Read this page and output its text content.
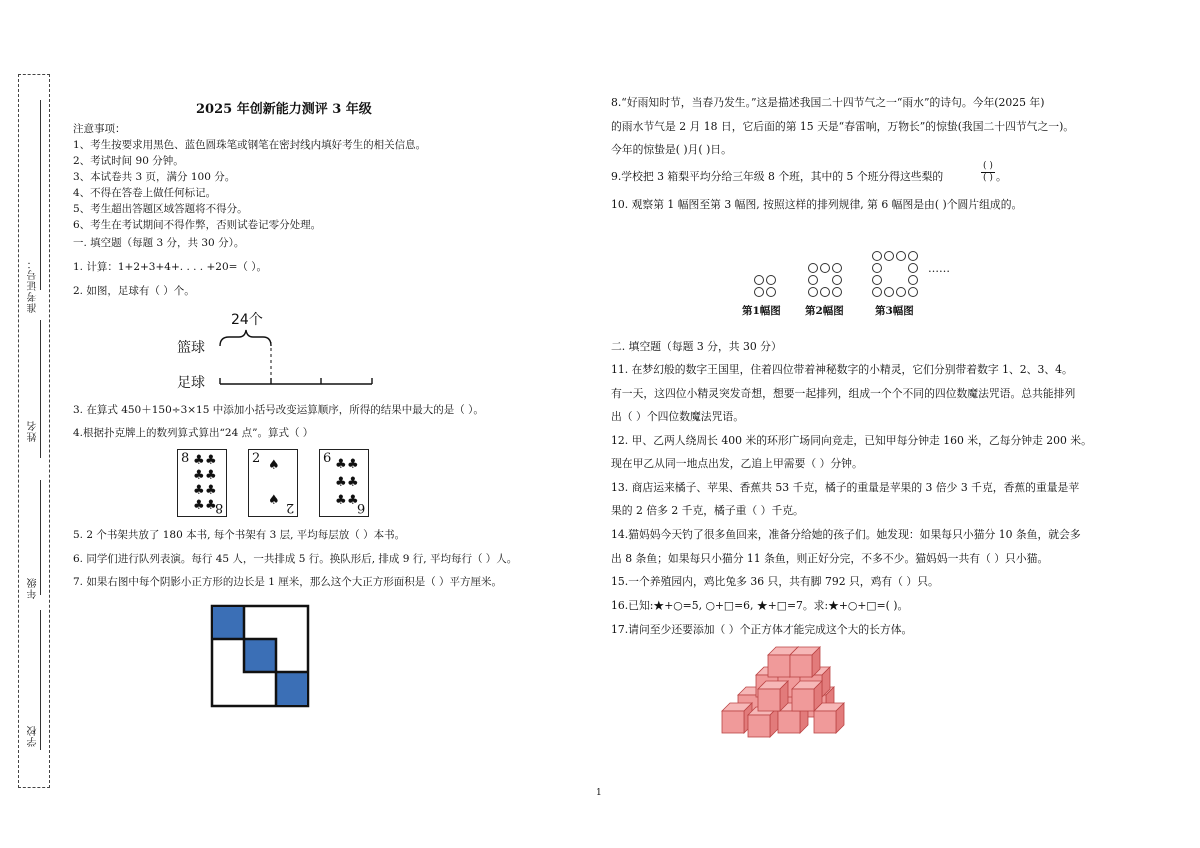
准考证号：
姓名
年级
学校
2025 年创新能力测评 3 年级
注意事项：
1、考生按要求用黑色、蓝色圆珠笔或钢笔在密封线内填好考生的相关信息。
2、考试时间 90 分钟。
3、本试卷共 3 页，满分 100 分。
4、不得在答卷上做任何标记。
5、考生超出答题区域答题将不得分。
6、考生在考试期间不得作弊，否则试卷记零分处理。
一. 填空题（每题 3 分，共 30 分）。
1. 计算：1+2+3+4+. . . . +20=（ ）。
2. 如图，足球有（ ）个。
24个
篮球
足球
3. 在算式 450＋150÷3×15 中添加小括号改变运算顺序，所得的结果中最大的是（ ）。
4.根据扑克牌上的数列算式算出“24 点”。算式（ ）
8 ♣ ♣
♣ ♣
♣ ♣
♣ ♣
8
2 ♠
♠ 2
6 ♣ ♣
♣ ♣
♣ ♣
6
5. 2 个书架共放了 180 本书, 每个书架有 3 层, 平均每层放（ ）本书。
6. 同学们进行队列表演。每行 45 人，一共排成 5 行。换队形后, 排成 9 行, 平均每行（ ）人。
7. 如果右图中每个阴影小正方形的边长是 1 厘米，那么这个大正方形面积是（ ）平方厘米。
8.“好雨知时节，当春乃发生。”这是描述我国二十四节气之一“雨水”的诗句。今年(2025 年)
的雨水节气是 2 月 18 日，它后面的第 15 天是“春雷响，万物长”的惊蛰(我国二十四节气之一)。
今年的惊蛰是( )月( )日。
9.学校把 3 箱梨平均分给三年级 8 个班，其中的 5 个班分得这些梨的
( )
( ) 。
10. 观察第 1 幅图至第 3 幅图, 按照这样的排列规律, 第 6 幅图是由( )个圆片组成的。
……
第1幅图 第2幅图	第3幅图
二. 填空题（每题 3 分，共 30 分）
11. 在梦幻般的数字王国里，住着四位带着神秘数字的小精灵，它们分别带着数字 1、2、3、4。
有一天，这四位小精灵突发奇想，想要一起排列，组成一个个不同的四位数魔法咒语。总共能排列
出（ ）个四位数魔法咒语。
12. 甲、乙两人绕周长 400 米的环形广场同向竞走，已知甲每分钟走 160 米，乙每分钟走 200 米。
现在甲乙从同一地点出发，乙追上甲需要（ ）分钟。
13. 商店运来橘子、苹果、香蕉共 53 千克，橘子的重量是苹果的 3 倍少 3 千克，香蕉的重量是苹
果的 2 倍多 2 千克，橘子重（ ）千克。
14.猫妈妈今天钓了很多鱼回来，准备分给她的孩子们。她发现：如果每只小猫分 10 条鱼，就会多
出 8 条鱼；如果每只小猫分 11 条鱼，则正好分完，不多不少。猫妈妈一共有（ ）只小猫。
15.一个养殖园内，鸡比兔多 36 只，共有脚 792 只，鸡有（ ）只。
16.已知:★+○=5, ○+□=6, ★+□=7。求:★+○+□=( )。
17.请问至少还要添加（ ）个正方体才能完成这个大的长方体。
1
